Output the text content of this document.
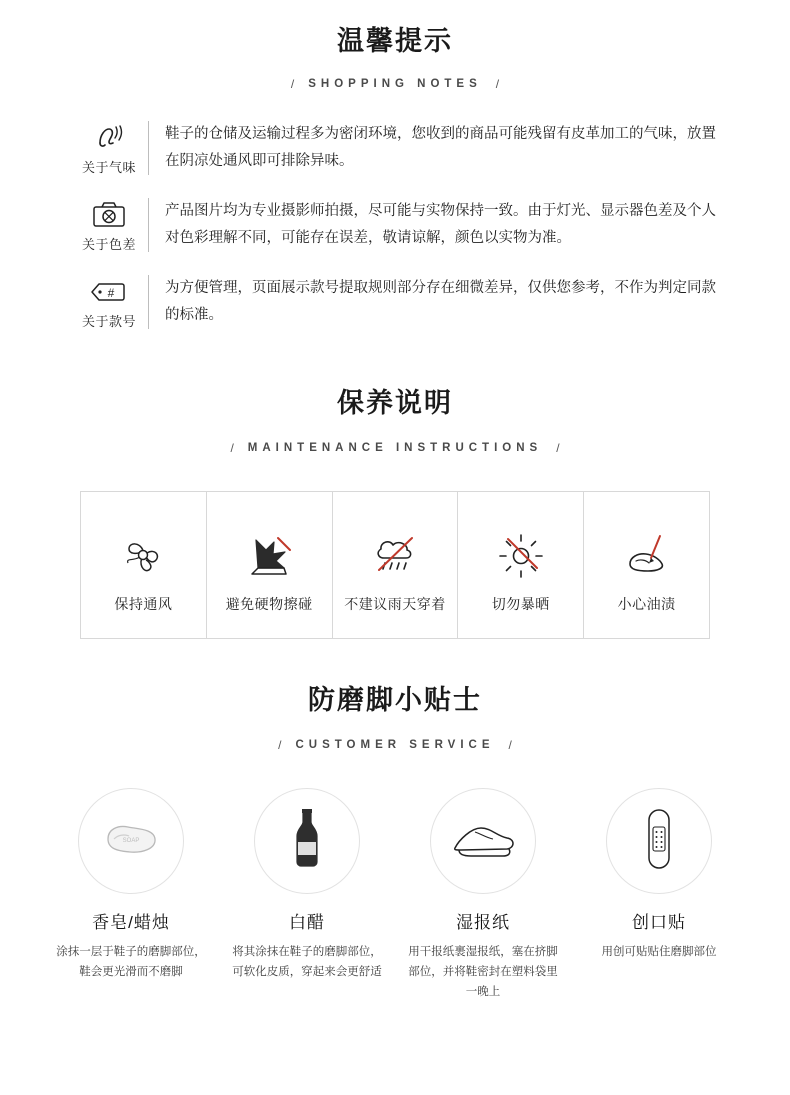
温馨提示
/ SHOPPING NOTES /
关于气味
鞋子的仓储及运输过程多为密闭环境，您收到的商品可能残留有皮革加工的气味，放置在阴凉处通风即可排除异味。
关于色差
产品图片均为专业摄影师拍摄，尽可能与实物保持一致。由于灯光、显示器色差及个人对色彩理解不同，可能存在误差，敬请谅解，颜色以实物为准。
#
关于款号
为方便管理，页面展示款号提取规则部分存在细微差异，仅供您参考，不作为判定同款的标准。
保养说明
/ MAINTENANCE INSTRUCTIONS /
保持通风	避免硬物擦碰 不建议雨天穿着	切勿暴晒	小心油渍
防磨脚小贴士
/ CUSTOMER SERVICE /
SOAP
香皂/蜡烛
涂抹一层于鞋子的磨脚部位， 鞋会更光滑而不磨脚
白醋
将其涂抹在鞋子的磨脚部位，可软化皮质，穿起来会更舒适
湿报纸
用干报纸裹湿报纸，塞在挤脚部位，并将鞋密封在塑料袋里一晚上
创口贴
用创可贴贴住磨脚部位
